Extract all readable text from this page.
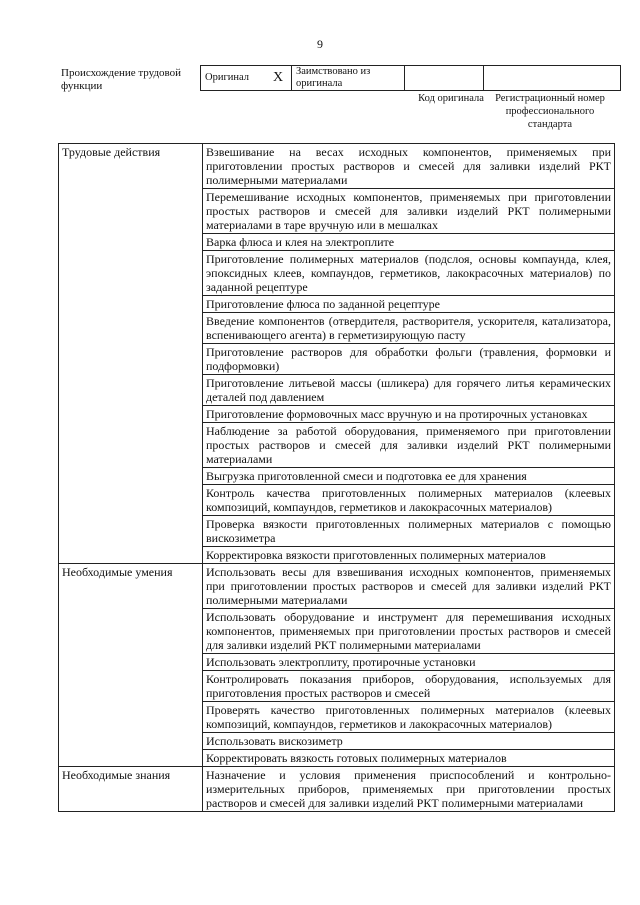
9
Происхождение трудовой функции
Оригинал	X	Заимствовано из оригинала		
Код оригинала	Регистрационный номер профессионального стандарта
Трудовые действия	Взвешивание на весах исходных компонентов, применяемых при приготовлении простых растворов и смесей для заливки изделий РКТ полимерными материалами
	Перемешивание исходных компонентов, применяемых при приготовлении простых растворов и смесей для заливки изделий РКТ полимерными материалами в таре вручную или в мешалках
	Варка флюса и клея на электроплите
	Приготовление полимерных материалов (подслоя, основы компаунда, клея, эпоксидных клеев, компаундов, герметиков, лакокрасочных материалов) по заданной рецептуре
	Приготовление флюса по заданной рецептуре
	Введение компонентов (отвердителя, растворителя, ускорителя, катализатора, вспенивающего агента) в герметизирующую пасту
	Приготовление растворов для обработки фольги (травления, формовки и подформовки)
	Приготовление литьевой массы (шликера) для горячего литья керамических деталей под давлением
	Приготовление формовочных масс вручную и на протирочных установках
	Наблюдение за работой оборудования, применяемого при приготовлении простых растворов и смесей для заливки изделий РКТ полимерными материалами
	Выгрузка приготовленной смеси и подготовка ее для хранения
	Контроль качества приготовленных полимерных материалов (клеевых композиций, компаундов, герметиков и лакокрасочных материалов)
	Проверка вязкости приготовленных полимерных материалов с помощью вискозиметра
	Корректировка вязкости приготовленных полимерных материалов
Необходимые умения	Использовать весы для взвешивания исходных компонентов, применяемых при приготовлении простых растворов и смесей для заливки изделий РКТ полимерными материалами
	Использовать оборудование и инструмент для перемешивания исходных компонентов, применяемых при приготовлении простых растворов и смесей для заливки изделий РКТ полимерными материалами
	Использовать электроплиту, протирочные установки
	Контролировать показания приборов, оборудования, используемых для приготовления простых растворов и смесей
	Проверять качество приготовленных полимерных материалов (клеевых композиций, компаундов, герметиков и лакокрасочных материалов)
	Использовать вискозиметр
	Корректировать вязкость готовых полимерных материалов
Необходимые знания	Назначение и условия применения приспособлений и контрольно-измерительных приборов, применяемых при приготовлении простых растворов и смесей для заливки изделий РКТ полимерными материалами
